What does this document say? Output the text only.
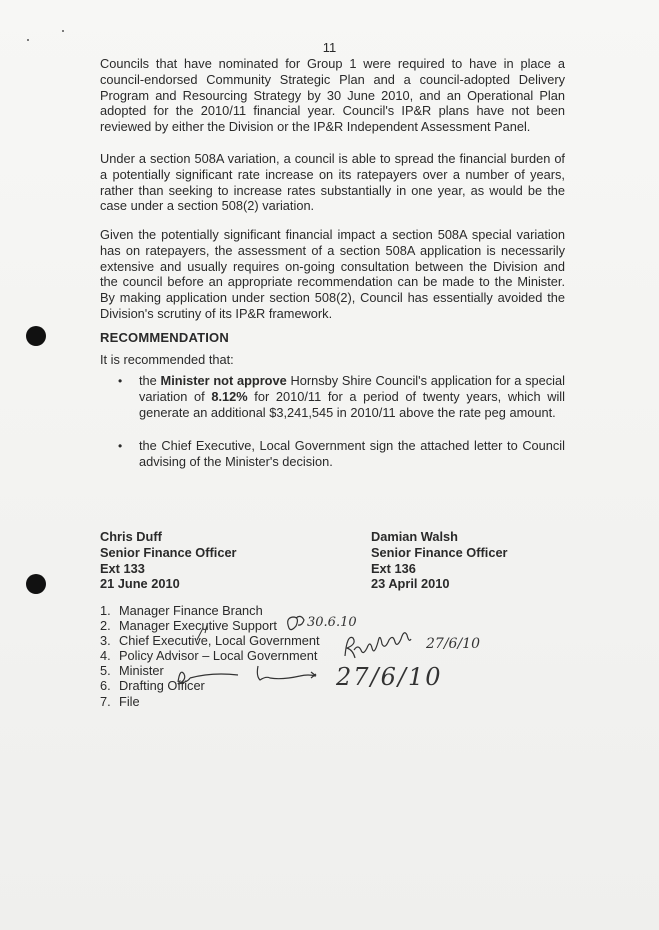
11
Councils that have nominated for Group 1 were required to have in place a council-endorsed Community Strategic Plan and a council-adopted Delivery Program and Resourcing Strategy by 30 June 2010, and an Operational Plan adopted for the 2010/11 financial year. Council's IP&R plans have not been reviewed by either the Division or the IP&R Independent Assessment Panel.
Under a section 508A variation, a council is able to spread the financial burden of a potentially significant rate increase on its ratepayers over a number of years, rather than seeking to increase rates substantially in one year, as would be the case under a section 508(2) variation.
Given the potentially significant financial impact a section 508A special variation has on ratepayers, the assessment of a section 508A application is necessarily extensive and usually requires on-going consultation between the Division and the council before an appropriate recommendation can be made to the Minister. By making application under section 508(2), Council has essentially avoided the Division's scrutiny of its IP&R framework.
RECOMMENDATION
It is recommended that:
• the Minister not approve Hornsby Shire Council's application for a special variation of 8.12% for 2010/11 for a period of twenty years, which will generate an additional $3,241,545 in 2010/11 above the rate peg amount.
• the Chief Executive, Local Government sign the attached letter to Council advising of the Minister's decision.
Chris Duff
Senior Finance Officer
Ext 133
21 June 2010
Damian Walsh
Senior Finance Officer
Ext 136
23 April 2010
1. Manager Finance Branch
2. Manager Executive Support
3. Chief Executive, Local Government
4. Policy Advisor – Local Government
5. Minister
6. Drafting Officer
7. File
30.6.10
27/6/10
27/6/10
